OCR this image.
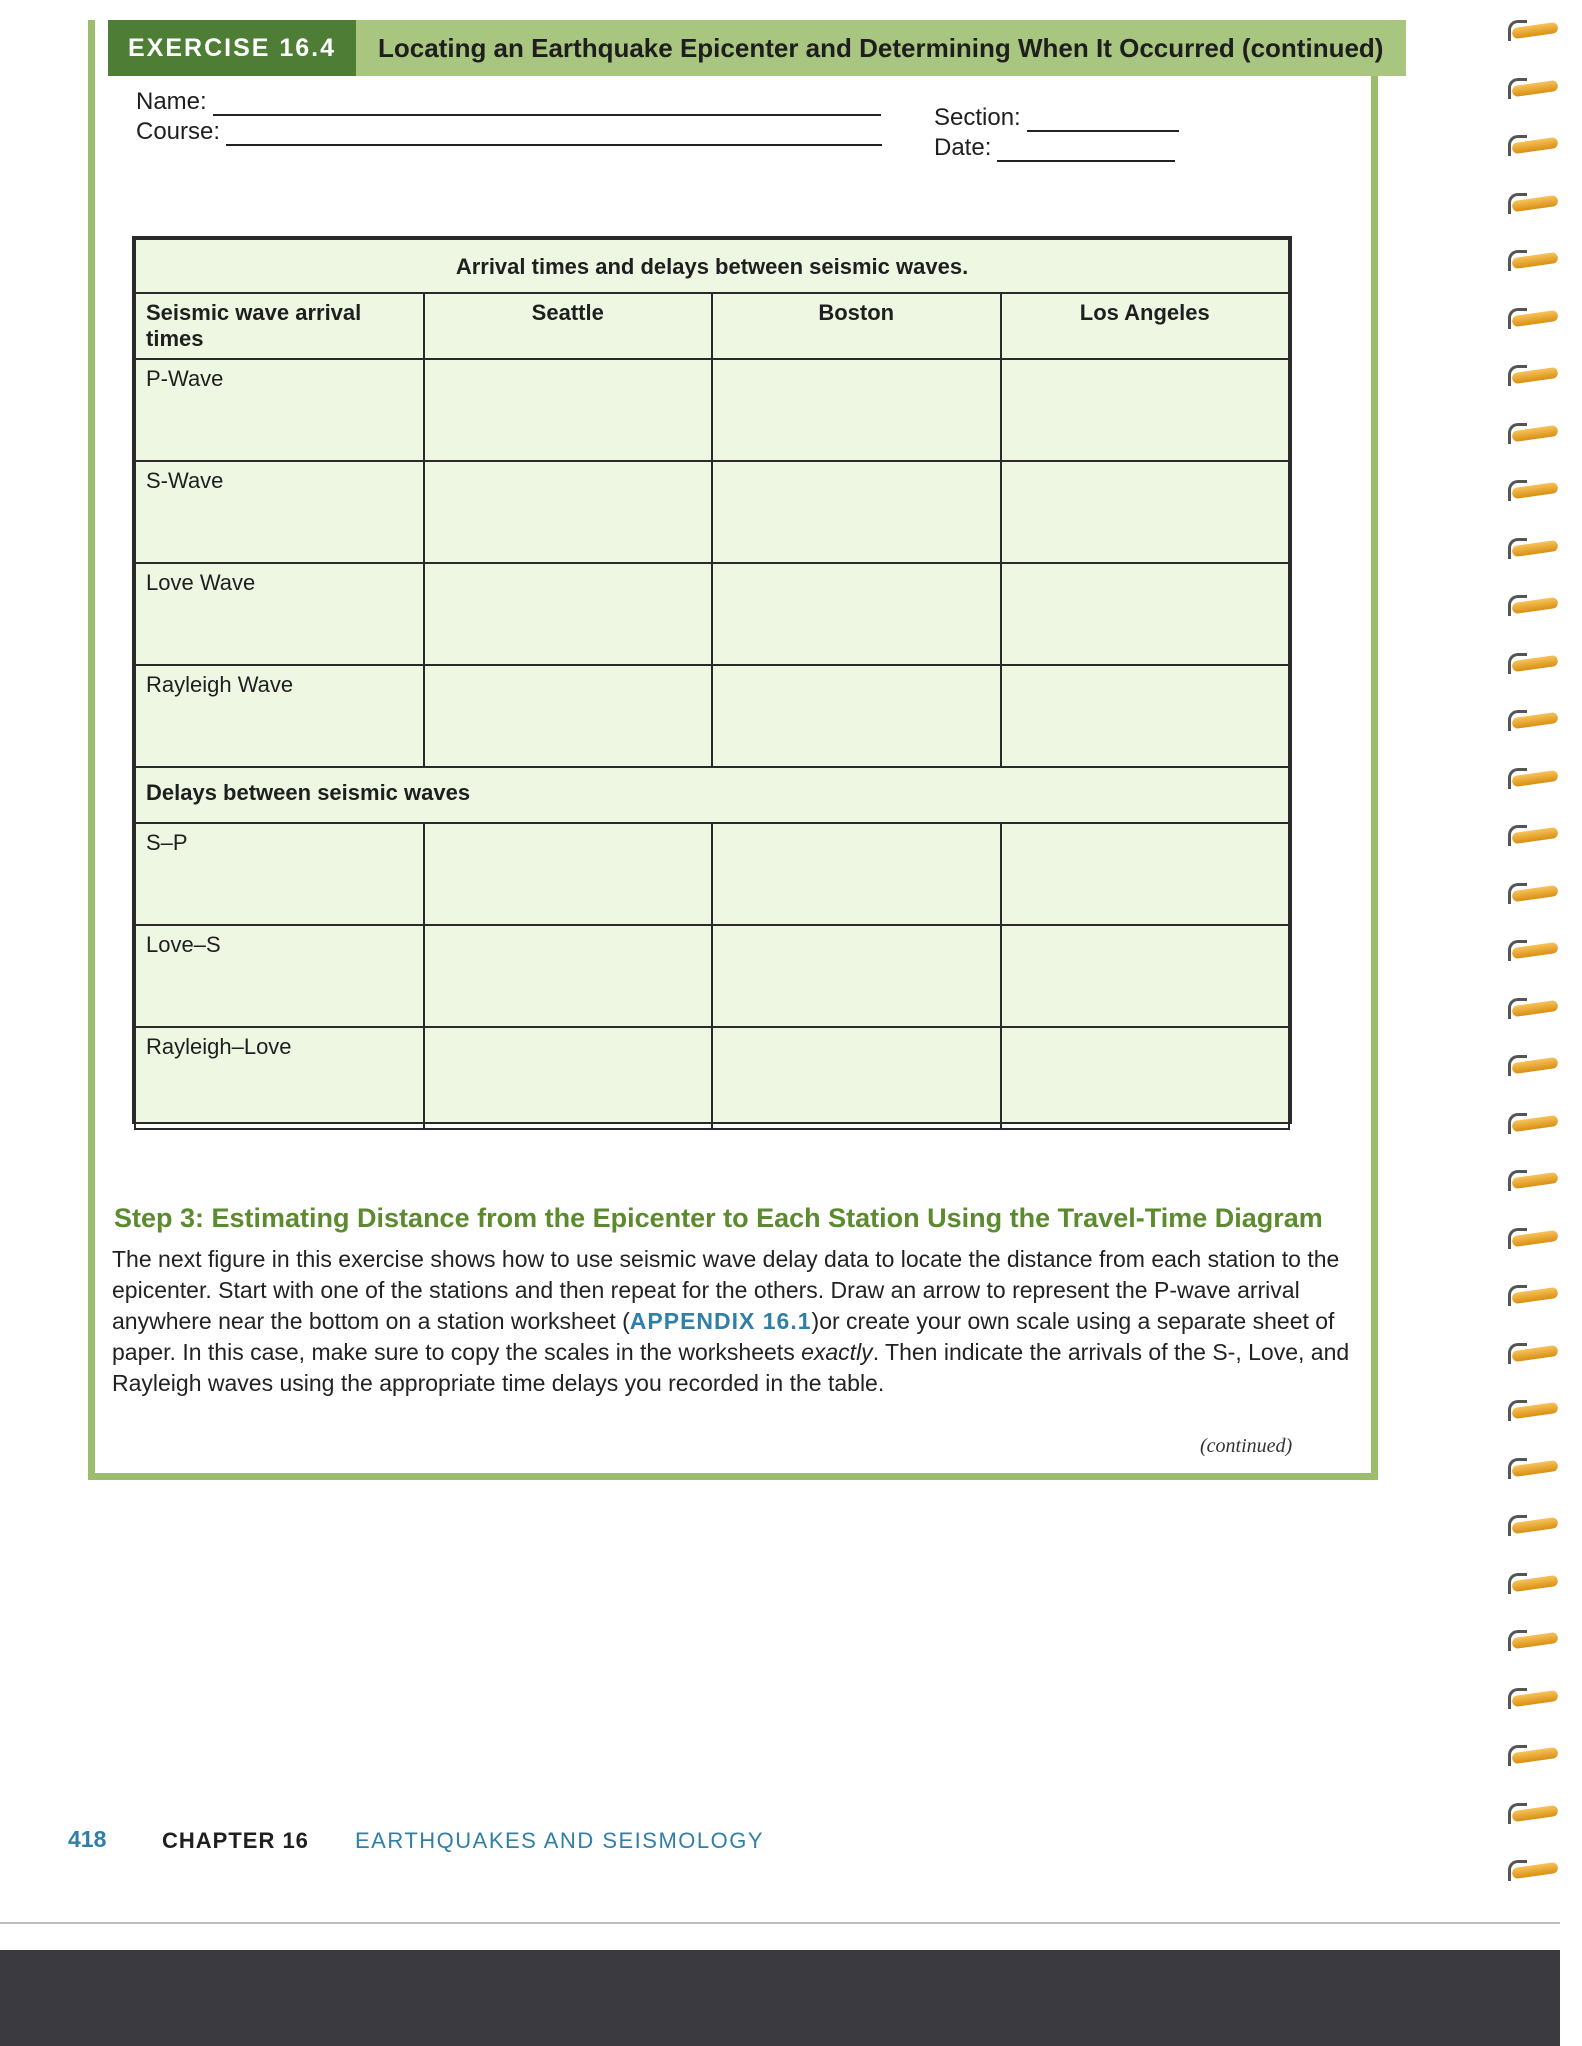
EXERCISE 16.4	Locating an Earthquake Epicenter and Determining When It Occurred (continued)
Name:
Course:
Section:
Date:
Arrival times and delays between seismic waves.			
Seismic wave arrival times	Seattle	Boston	Los Angeles
P-Wave			
S-Wave			
Love Wave			
Rayleigh Wave			
Delays between seismic waves			
S–P			
Love–S			
Rayleigh–Love			
Step 3: Estimating Distance from the Epicenter to Each Station Using the Travel-Time Diagram
The next figure in this exercise shows how to use seismic wave delay data to locate the distance from each station to the epicenter. Start with one of the stations and then repeat for the others. Draw an arrow to represent the P-wave arrival anywhere near the bottom on a station worksheet (APPENDIX 16.1)or create your own scale using a separate sheet of paper. In this case, make sure to copy the scales in the worksheets exactly. Then indicate the arrivals of the S-, Love, and Rayleigh waves using the appropriate time delays you recorded in the table.
(continued)
418	CHAPTER 16 EARTHQUAKES AND SEISMOLOGY
